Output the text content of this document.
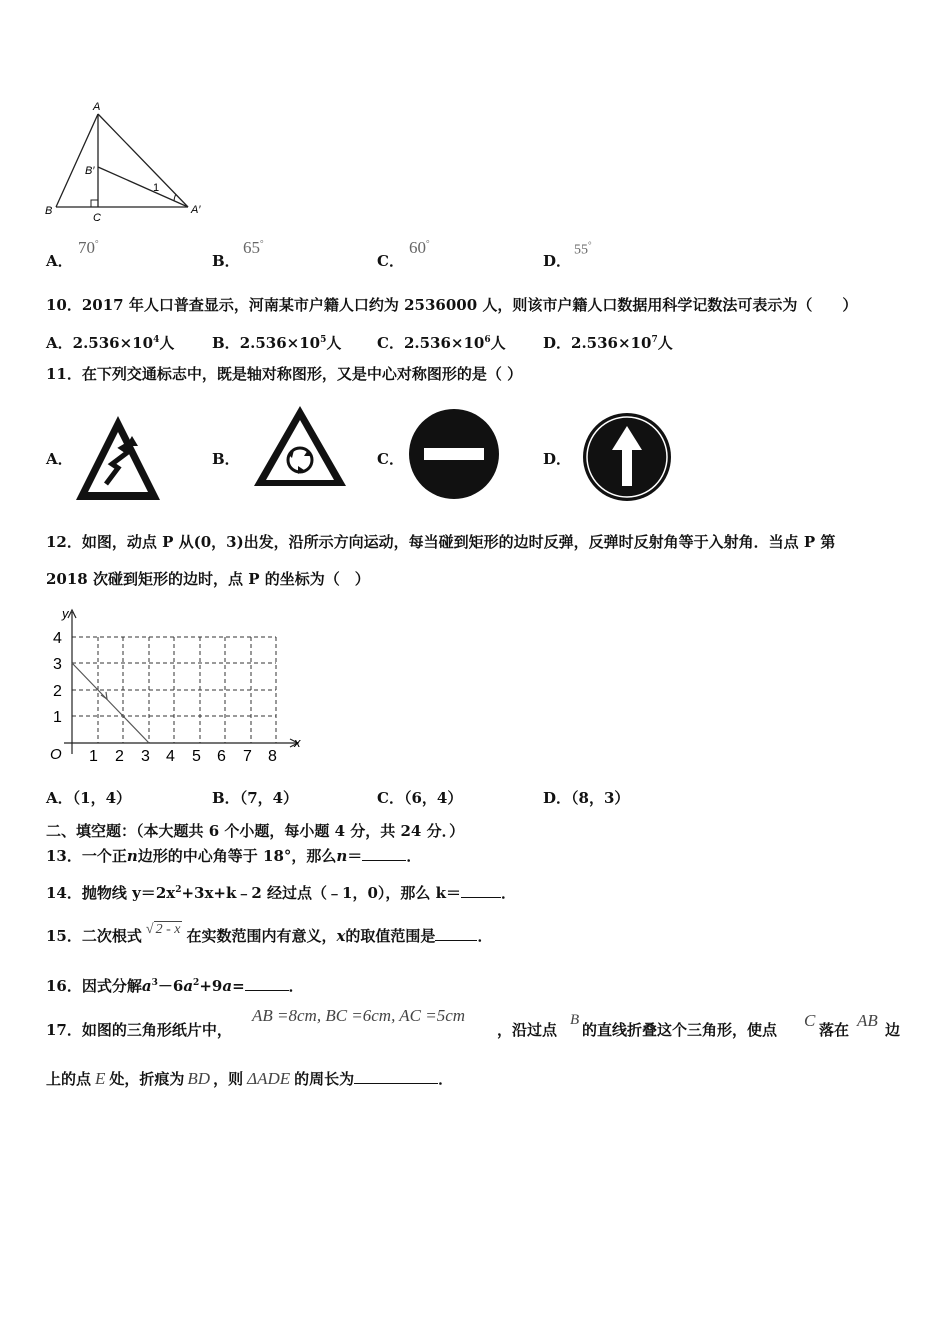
A
B′
1
B
C
A′
A．
70°
B．
65°
C．
60°
D．
55°
10．2017 年人口普查显示，河南某市户籍人口约为 2536000 人，则该市户籍人口数据用科学记数法可表示为（　　）
A．$2.536\times 10^4$人	B．$2.536\times 10^5$人 C．$2.536\times 10^6$人 D．$2.536\times 10^7$人
11．在下列交通标志中，既是轴对称图形，又是中心对称图形的是（ ）
A．	B．	C．	D．
12．如图，动点 P 从(0，3)出发，沿所示方向运动，每当碰到矩形的边时反弹，反弹时反射角等于入射角．当点 P 第
2018 次碰到矩形的边时，点 P 的坐标为（　）
y
x
O
4
3
2
1
1 2 3 4 5 6 7 8
A．（1，4）	B．（7，4）	C．（6，4）	D．（8，3）
二、填空题：（本大题共 6 个小题，每小题 4 分，共 24 分．）
13．一个正n边形的中心角等于 18°，那么n＝	．
14．抛物线 $y=2x^2+3x+k﹣2$ 经过点（﹣1，0），那么 k＝	．
15．二次根式 √ 2 - x 在实数范围内有意义，x的取值范围是	．
16．因式分解$a^3-6a^2+9a=$	．
17．如图的三角形纸片中，
AB =8cm, BC =6cm, AC =5cm
，沿过点
B
的直线折叠这个三角形，使点 C 落在 AB 边
上的点 E 处，折痕为 BD ，则 ΔADE 的周长为	．
